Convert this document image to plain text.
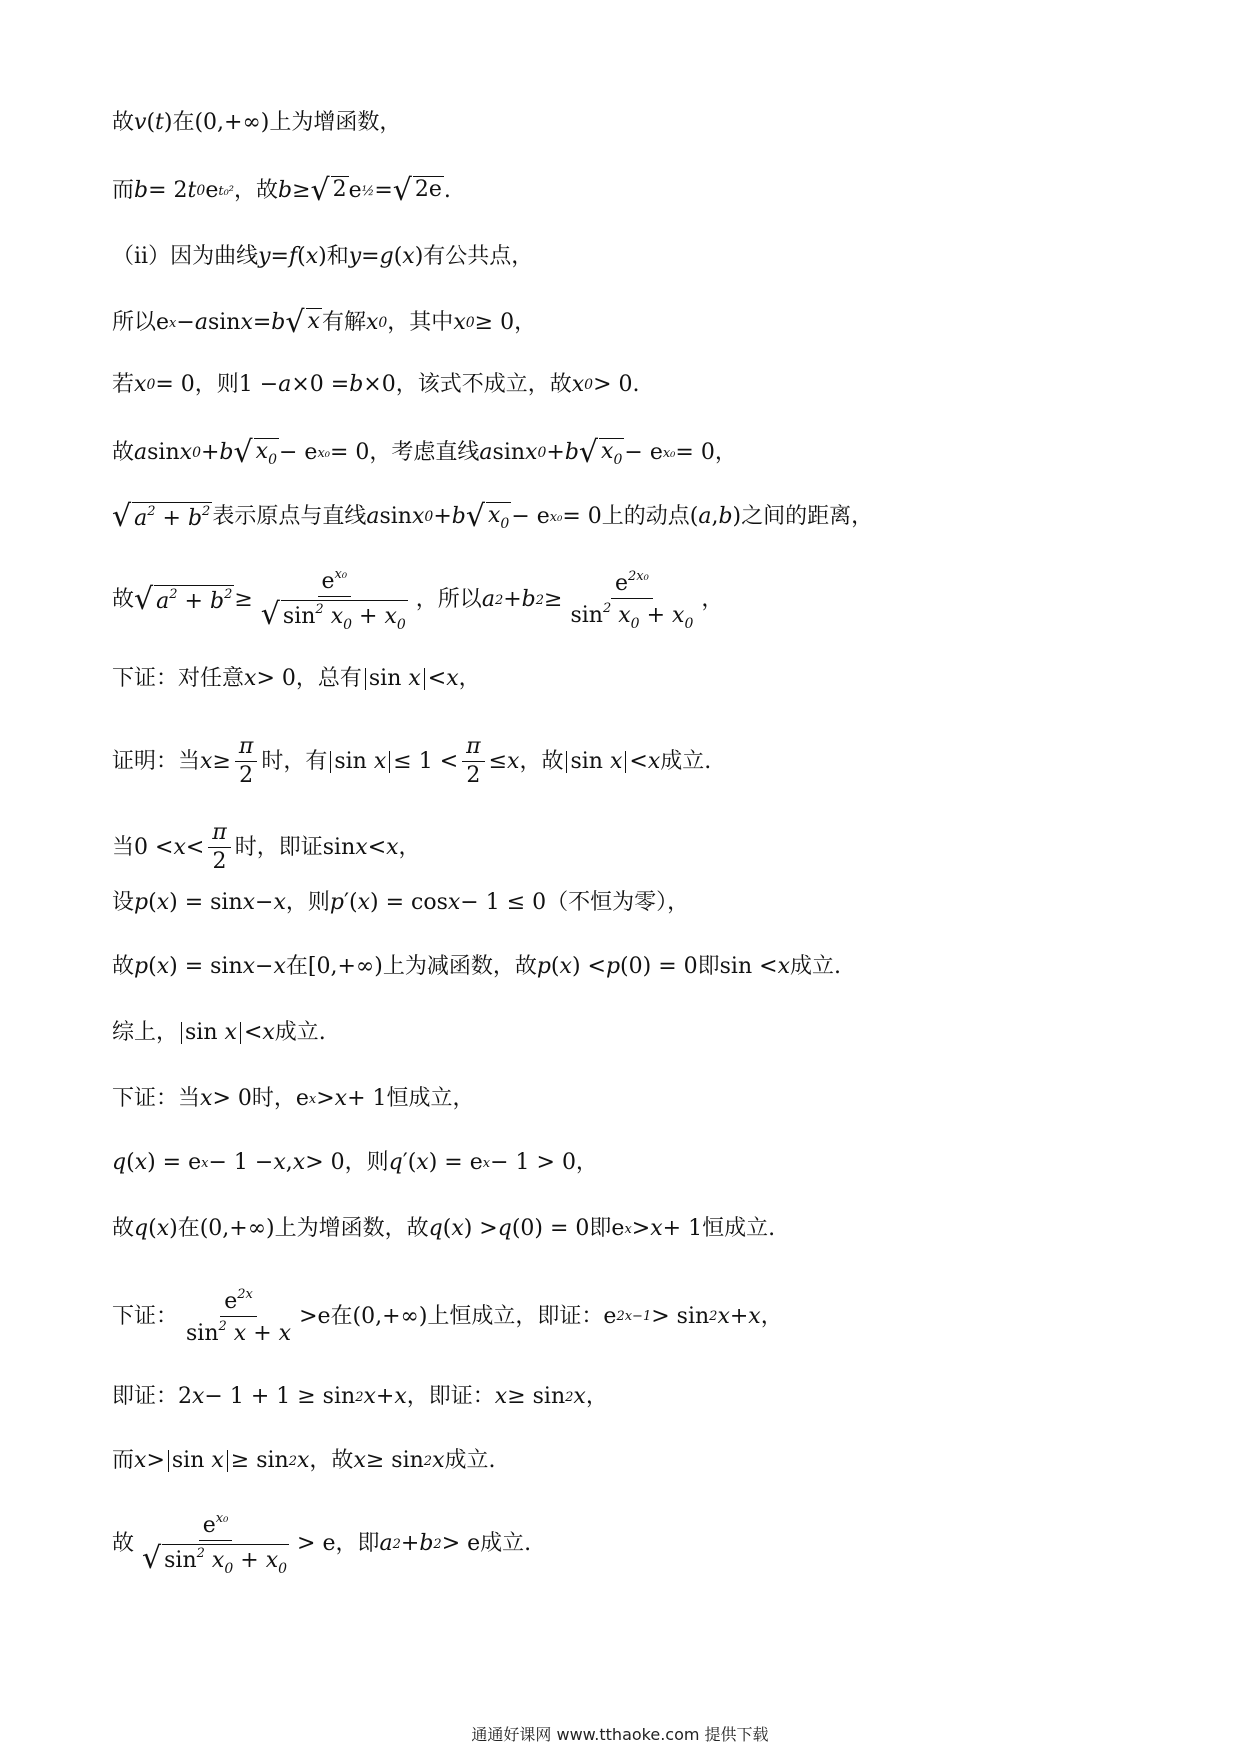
故 v ( t )在(0,+∞)上为增函数，
而 b = 2 t 0 e t₀² ，故 b ≥ √ 2 e ½ = √ 2e .
（ii）因为曲线 y = f ( x )和 y = g ( x )有公共点，
所以e x − a sin x = b √ x 有解 x 0 ，其中 x 0 ≥ 0，
若 x 0 = 0，则1 − a ×0 = b ×0，该式不成立，故 x 0 > 0.
故 a sin x 0 + b √ $x_0 - e$ x₀ = 0，考虑直线 a sin x 0 + b √ $x_0 - e$ x₀ = 0，
√ $a^2 + b^2$ 表示原点与直线 a sin x 0 + b √ $x_0 - e$ x₀ = 0上的动点( a , b )之间的距离，
故 √ $a^2 + b^2 \ge \frac{e^{x_0}}{√ \sin^2 x_0 + x_0}$ ，所以 a 2 + b $2 \ge \frac{e^{2x_0}}{\sin^2 x_0 + x_0}$ ，
下证：对任意 x > 0，总有 sin x < x ，
证明：当 $x \ge \frac{\pi}{2}$ 时，有 $\sin x \le 1 < \frac{\pi}{2} \le x$ ，故 sin x < x 成立.
当$0 < x < \frac{\pi}{2}$ 时，即证sin x < x ，
设 p ( x ) = sin x − x ，则 p ′( x ) = cos x − 1 ≤ 0（不恒为零），
故 p ( x ) = sin x − x 在[0,+∞)上为减函数，故 p ( x ) < p (0) = 0即sin < x 成立.
综上， sin x < x 成立.
下证：当 x > 0时，e x > x + 1恒成立，
q ( x ) = e x − 1 − x , x > 0，则 q ′( x ) = e x − 1 > 0，
故 q ( x )在(0,+∞)上为增函数，故 q ( x ) > q (0) = 0即e x > x + 1恒成立.
下证： $\frac{e^{2x}}{\sin^2 x + x} >e$在(0,+∞)上恒成立，即证：e 2x−1 > sin 2 x + x ，
即证：2 x − 1 + 1 ≥ sin 2 x + x ，即证： x ≥ sin 2 x ，
而 x > sin x ≥ sin 2 x ，故 x ≥ sin 2 x 成立.
故 $\frac{e^{x_0}}{√ \sin^2 x_0 + x_0} > e$，即 a 2 + b 2 > e成立.
通通好课网 www.tthaoke.com 提供下载
